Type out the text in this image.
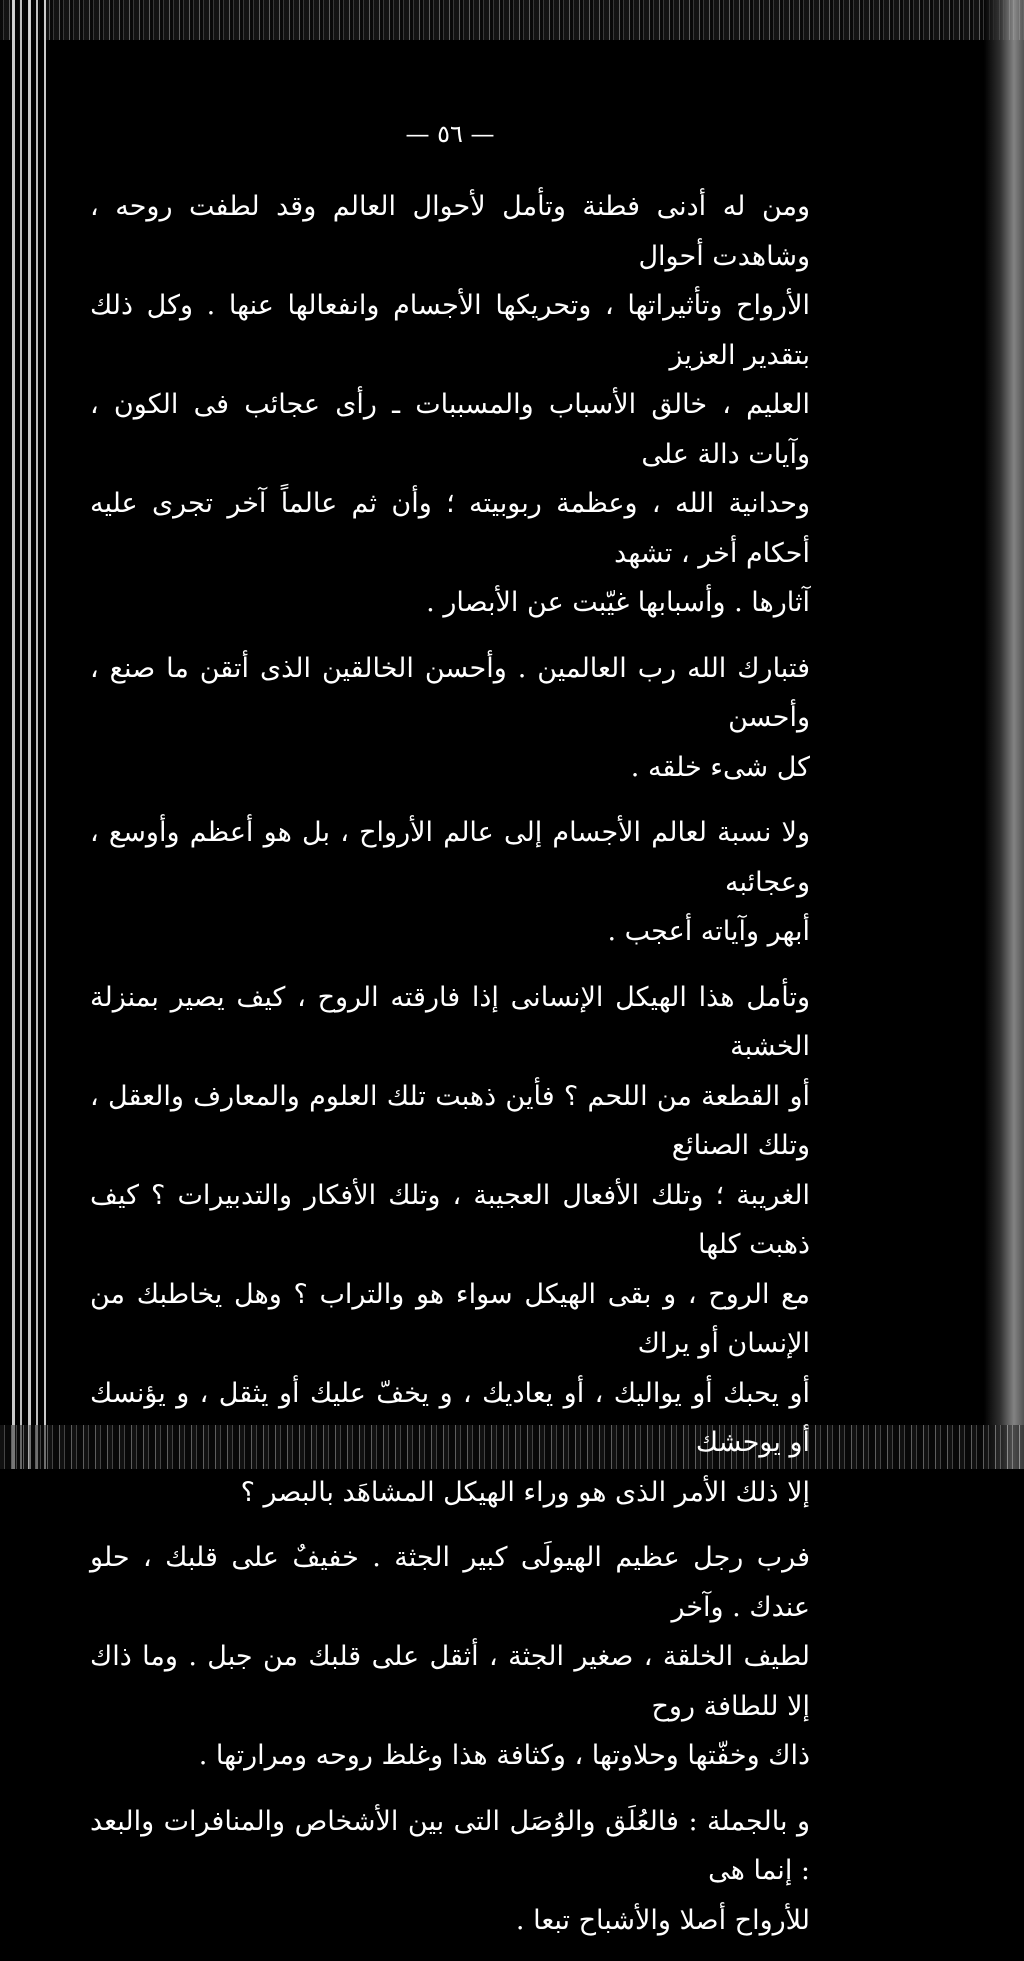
— ٥٦ —

ومن له أدنى فطنة وتأمل لأحوال العالم وقد لطفت روحه ، وشاهدت أحوال

الأرواح وتأثيراتها ، وتحريكها الأجسام وانفعالها عنها . وكل ذلك بتقدير العزيز

العليم ، خالق الأسباب والمسببات ـ رأى عجائب فى الكون ، وآيات دالة على

وحدانية الله ، وعظمة ربوبيته ؛ وأن ثم عالماً آخر تجرى عليه أحكام أخر ، تشهد

آثارها . وأسبابها غيّبت عن الأبصار .

فتبارك الله رب العالمين . وأحسن الخالقين الذى أتقن ما صنع ، وأحسن

كل شىء خلقه .

ولا نسبة لعالم الأجسام إلى عالم الأرواح ، بل هو أعظم وأوسع ، وعجائبه

أبهر وآياته أعجب .

وتأمل هذا الهيكل الإنسانى إذا فارقته الروح ، كيف يصير بمنزلة الخشبة

أو القطعة من اللحم ؟ فأين ذهبت تلك العلوم والمعارف والعقل ، وتلك الصنائع

الغريبة ؛ وتلك الأفعال العجيبة ، وتلك الأفكار والتدبيرات ؟ كيف ذهبت كلها

مع الروح ، و بقى الهيكل سواء هو والتراب ؟ وهل يخاطبك من الإنسان أو يراك

أو يحبك أو يواليك ، أو يعاديك ، و يخفّ عليك أو يثقل ، و يؤنسك أو يوحشك

إلا ذلك الأمر الذى هو وراء الهيكل المشاهَد بالبصر ؟

فرب رجل عظيم الهيولَى كبير الجثة . خفيفٌ على قلبك ، حلو عندك . وآخر

لطيف الخلقة ، صغير الجثة ، أثقل على قلبك من جبل . وما ذاك إلا للطافة روح

ذاك وخفّتها وحلاوتها ، وكثافة هذا وغلظ روحه ومرارتها .

و بالجملة : فالعُلَق والوُصَل التى بين الأشخاص والمنافرات والبعد : إنما هى

للأرواح أصلا والأشباح تبعا .
